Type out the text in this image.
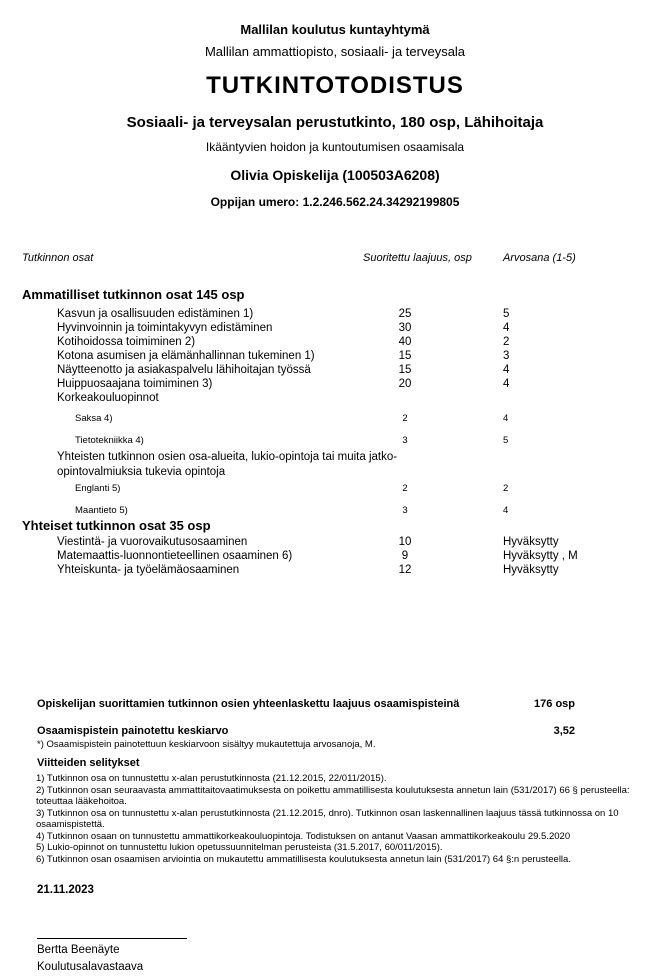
Mallilan koulutus kuntayhtymä
Mallilan ammattiopisto, sosiaali- ja terveysala
TUTKINTOTODISTUS
Sosiaali- ja terveysalan perustutkinto, 180 osp, Lähihoitaja
Ikääntyvien hoidon ja kuntoutumisen osaamisala
Olivia Opiskelija (100503A6208)
Oppijan umero: 1.2.246.562.24.34292199805
Tutkinnon osat	Suoritettu laajuus, osp	Arvosana (1-5)
Ammatilliset tutkinnon osat 145 osp
Kasvun ja osallisuuden edistäminen 1)	25	5
Hyvinvoinnin ja toimintakyvyn edistäminen	30	4
Kotihoidossa toimiminen 2)	40	2
Kotona asumisen ja elämänhallinnan tukeminen 1)	15	3
Näytteenotto ja asiakaspalvelu lähihoitajan työssä	15	4
Huippuosaajana toimiminen 3)	20	4
Korkeakouluopinnot
Saksa 4)	2	4
Tietotekniikka 4)	3	5
Yhteisten tutkinnon osien osa-alueita, lukio-opintoja tai muita jatko-opintovalmiuksia tukevia opintoja
Englanti 5)	2	2
Maantieto 5)	3	4
Yhteiset tutkinnon osat 35 osp
Viestintä- ja vuorovaikutusosaaminen	10	Hyväksytty
Matemaattis-luonnontieteellinen osaaminen 6)	9	Hyväksytty , M
Yhteiskunta- ja työelämäosaaminen	12	Hyväksytty
Opiskelijan suorittamien tutkinnon osien yhteenlaskettu laajuus osaamispisteinä	176 osp
Osaamispistein painotettu keskiarvo	3,52
*) Osaamispistein painotettuun keskiarvoon sisältyy mukautettuja arvosanoja, M.
Viitteiden selitykset
1) Tutkinnon osa on tunnustettu x-alan perustutkinnosta (21.12.2015, 22/011/2015).
2) Tutkinnon osan seuraavasta ammattitaitovaatimuksesta on poikettu ammatillisesta koulutuksesta annetun lain (531/2017) 66 § perusteella: toteuttaa lääkehoitoa.
3) Tutkinnon osa on tunnustettu x-alan perustutkinnosta (21.12.2015, dnro). Tutkinnon osan laskennallinen laajuus tässä tutkinnossa on 10 osaamispistettä.
4) Tutkinnon osaan on tunnustettu ammattikorkeakouluopintoja. Todistuksen on antanut Vaasan ammattikorkeakoulu 29.5.2020
5) Lukio-opinnot on tunnustettu lukion opetussuunnitelman perusteista (31.5.2017, 60/011/2015).
6) Tutkinnon osan osaamisen arviointia on mukautettu ammatillisesta koulutuksesta annetun lain (531/2017) 64 §:n perusteella.
21.11.2023
Bertta Beenäyte
Koulutusalavastaava
